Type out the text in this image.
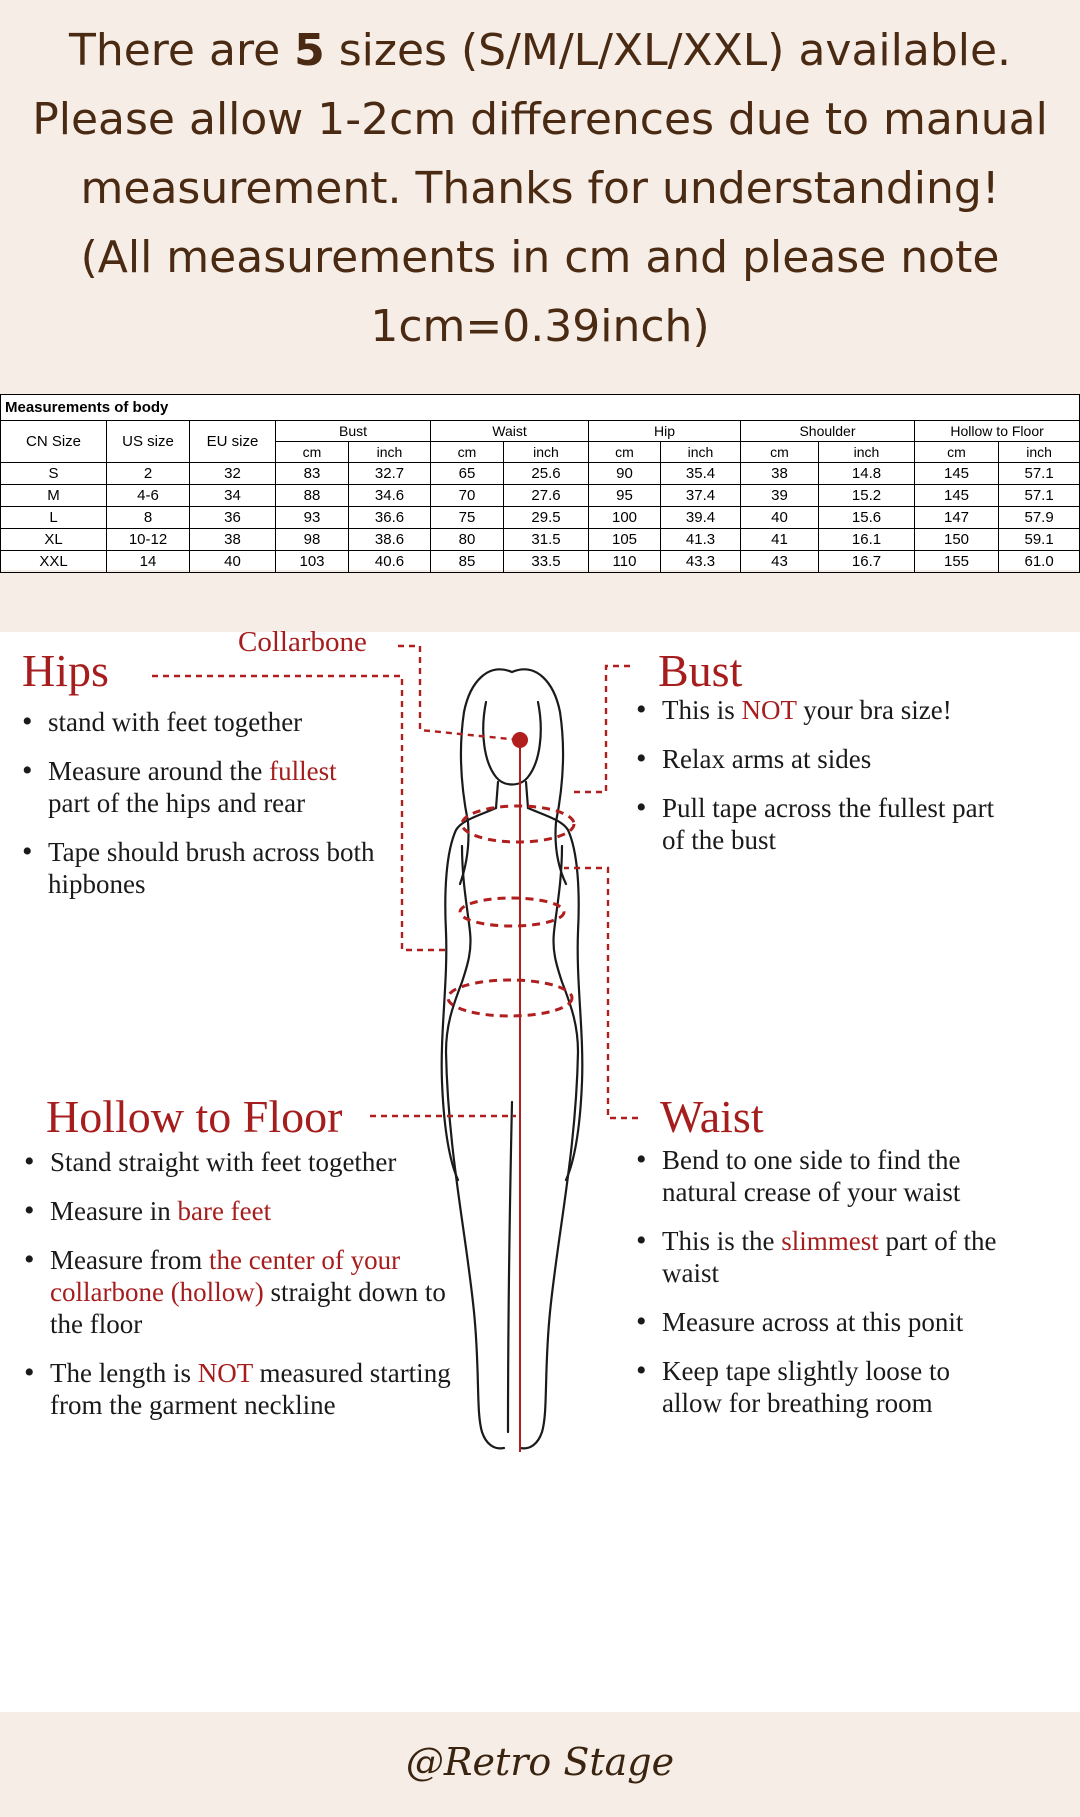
There are 5 sizes (S/M/L/XL/XXL) available.
Please allow 1-2cm differences due to manual
measurement. Thanks for understanding!
(All measurements in cm and please note
1cm=0.39inch)
Measurements of body												
CN Size	US size	EU size	Bust		Waist		Hip		Shoulder		Hollow to Floor	
			cm	inch	cm	inch	cm	inch	cm	inch	cm	inch
S	2	32	83	32.7	65	25.6	90	35.4	38	14.8	145	57.1
M	4-6	34	88	34.6	70	27.6	95	37.4	39	15.2	145	57.1
L	8	36	93	36.6	75	29.5	100	39.4	40	15.6	147	57.9
XL	10-12	38	98	38.6	80	31.5	105	41.3	41	16.1	150	59.1
XXL	14	40	103	40.6	85	33.5	110	43.3	43	16.7	155	61.0
Collarbone
Hips
• stand with feet together
• Measure around the fullest part of the hips and rear
• Tape should brush across both hipbones
Bust
• This is NOT your bra size!
• Relax arms at sides
• Pull tape across the fullest part of the bust
Hollow to Floor
• Stand straight with feet together
• Measure in bare feet
• Measure from the center of your collarbone (hollow) straight down to the floor
• The length is NOT measured starting from the garment neckline
Waist
• Bend to one side to find the natural crease of your waist
• This is the slimmest part of the waist
• Measure across at this ponit
• Keep tape slightly loose to allow for breathing room
@Retro Stage
